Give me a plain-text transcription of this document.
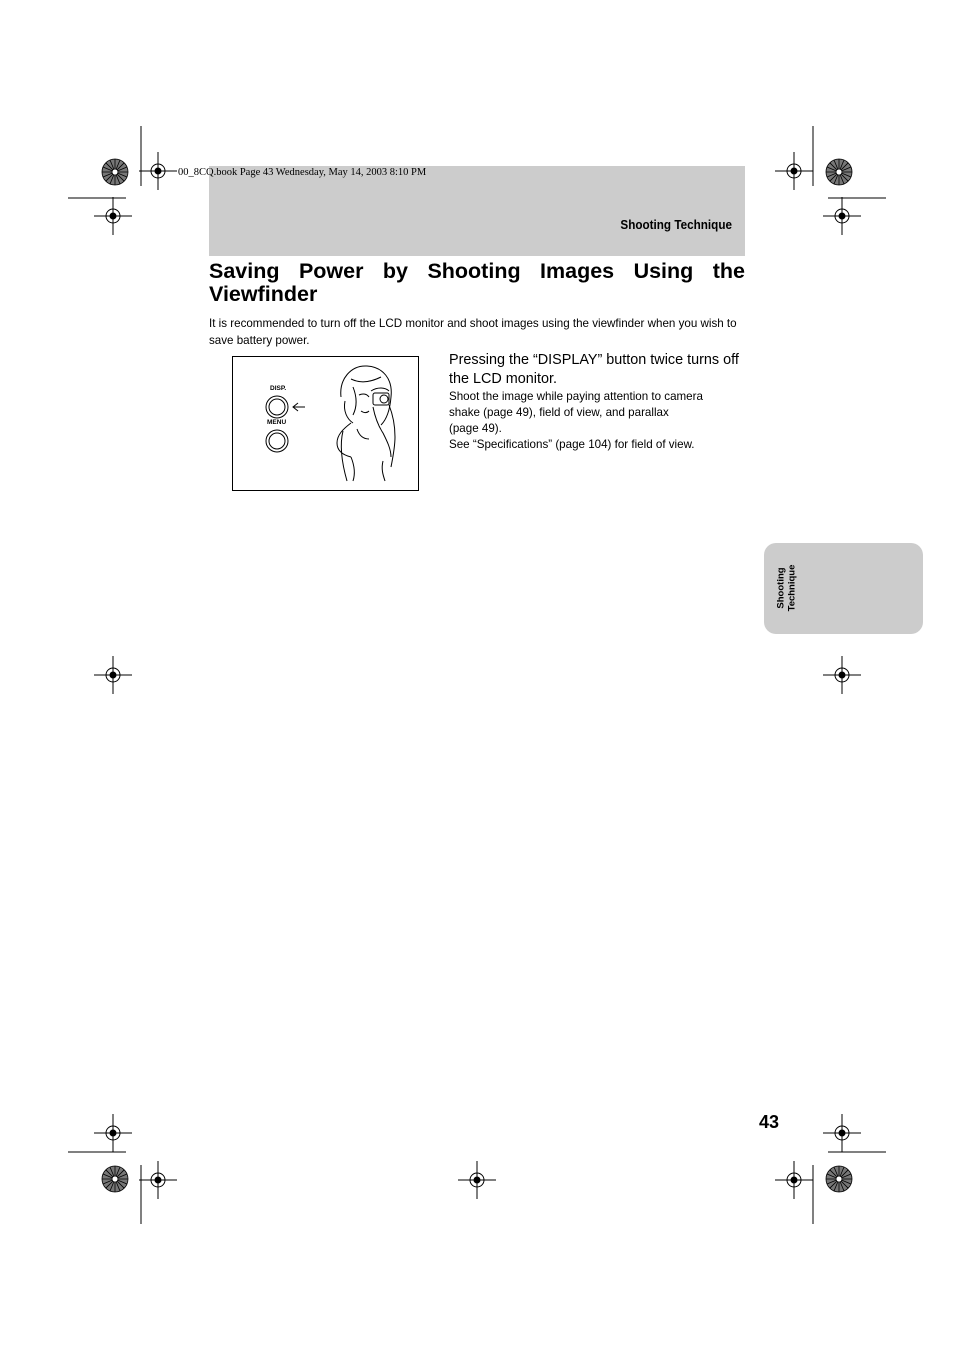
00_8CQ.book Page 43 Wednesday, May 14, 2003 8:10 PM
Shooting Technique
Saving Power by Shooting Images Using the Viewfinder

It is recommended to turn off the LCD monitor and shoot images using the viewfinder when you wish to save battery power.

DISP.
MENU

Pressing the “DISPLAY” button twice turns off the LCD monitor.

Shoot the image while paying attention to camera

shake (page 49), field of view, and parallax

(page 49).

See “Specifications” (page 104) for field of view.

Shooting Technique
43
